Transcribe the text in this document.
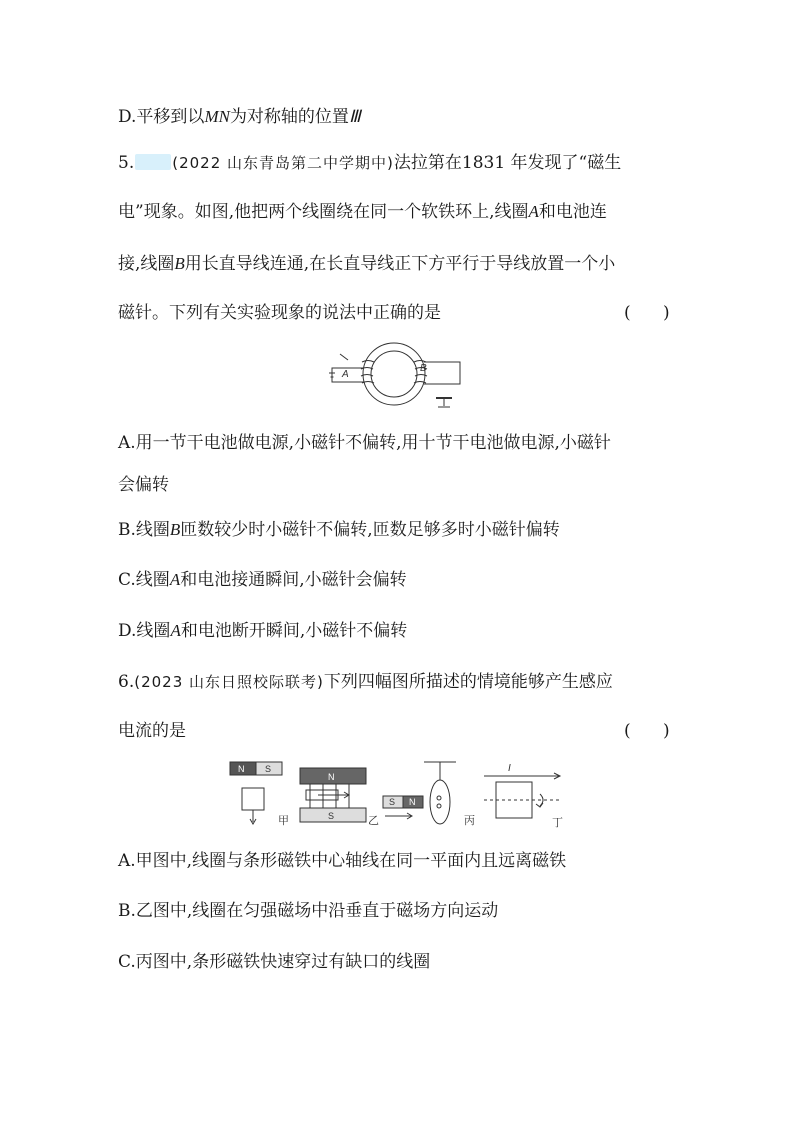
D.平移到以MN为对称轴的位置Ⅲ
5.	(2022 山东青岛第二中学期中)法拉第在1831 年发现了“磁生
电”现象。如图,他把两个线圈绕在同一个软铁环上,线圈A和电池连
接,线圈B用长直导线连通,在长直导线正下方平行于导线放置一个小
磁针。下列有关实验现象的说法中正确的是	(      )
A
B
A.用一节干电池做电源,小磁针不偏转,用十节干电池做电源,小磁针
会偏转
B.线圈B匝数较少时小磁针不偏转,匝数足够多时小磁针偏转
C.线圈A和电池接通瞬间,小磁针会偏转
D.线圈A和电池断开瞬间,小磁针不偏转
6.(2023 山东日照校际联考)下列四幅图所描述的情境能够产生感应
电流的是	(      )
N S
甲
N
S	乙
S N
丙
I
丁
A.甲图中,线圈与条形磁铁中心轴线在同一平面内且远离磁铁
B.乙图中,线圈在匀强磁场中沿垂直于磁场方向运动
C.丙图中,条形磁铁快速穿过有缺口的线圈
